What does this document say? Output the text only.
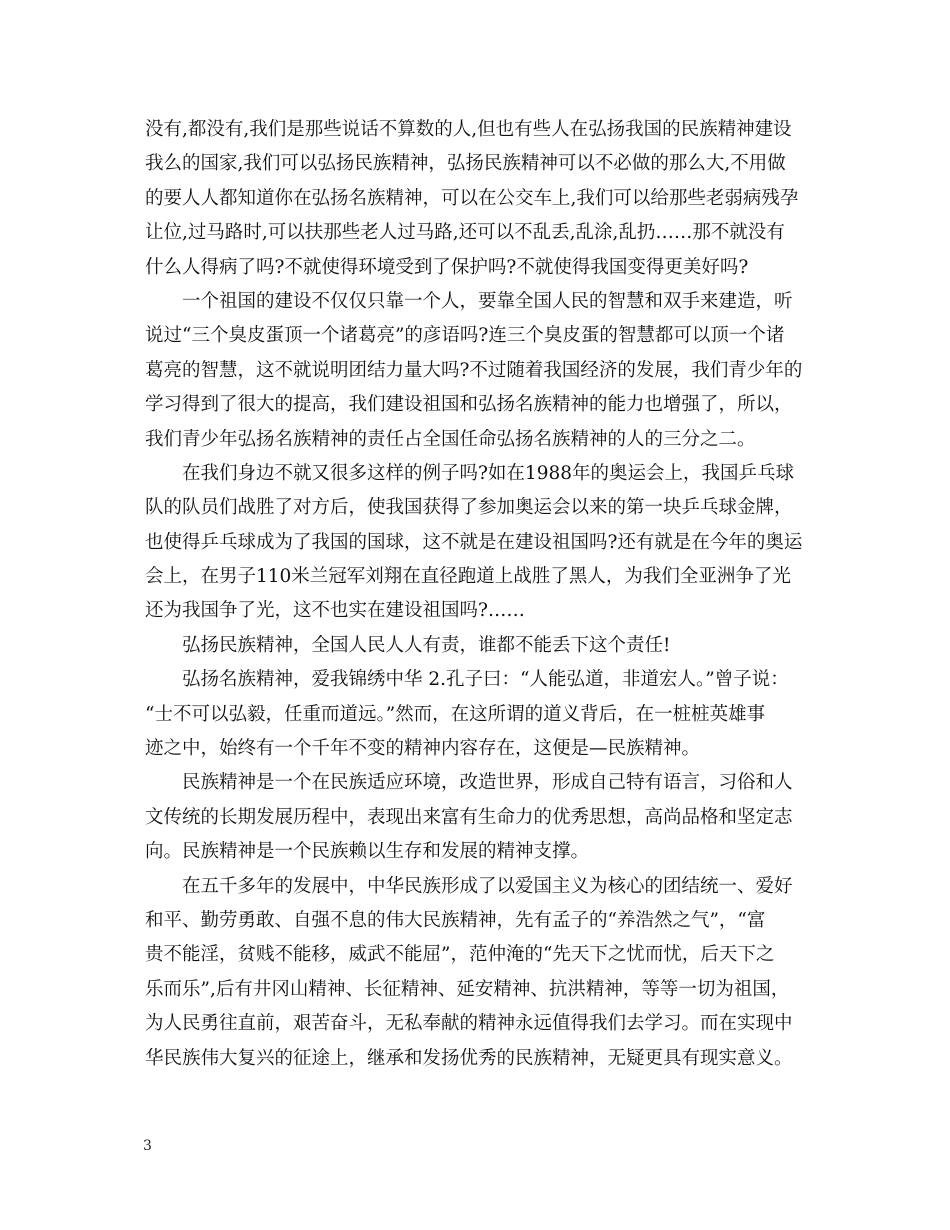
没有,都没有,我们是那些说话不算数的人,但也有些人在弘扬我国的民族精神建设
我么的国家,我们可以弘扬民族精神，弘扬民族精神可以不必做的那么大,不用做
的要人人都知道你在弘扬名族精神，可以在公交车上,我们可以给那些老弱病残孕
让位,过马路时,可以扶那些老人过马路,还可以不乱丢,乱涂,乱扔……那不就没有
什么人得病了吗?不就使得环境受到了保护吗?不就使得我国变得更美好吗?
一个祖国的建设不仅仅只靠一个人，要靠全国人民的智慧和双手来建造，听
说过“三个臭皮蛋顶一个诸葛亮”的彦语吗?连三个臭皮蛋的智慧都可以顶一个诸
葛亮的智慧，这不就说明团结力量大吗?不过随着我国经济的发展，我们青少年的
学习得到了很大的提高，我们建设祖国和弘扬名族精神的能力也增强了，所以，
我们青少年弘扬名族精神的责任占全国任命弘扬名族精神的人的三分之二。
在我们身边不就又很多这样的例子吗?如在1988年的奥运会上，我国乒乓球
队的队员们战胜了对方后，使我国获得了参加奥运会以来的第一块乒乓球金牌，
也使得乒乓球成为了我国的国球，这不就是在建设祖国吗?还有就是在今年的奥运
会上，在男子110米兰冠军刘翔在直径跑道上战胜了黑人，为我们全亚洲争了光
还为我国争了光，这不也实在建设祖国吗?……
弘扬民族精神，全国人民人人有责，谁都不能丢下这个责任!
弘扬名族精神，爱我锦绣中华 2.孔子曰：“人能弘道，非道宏人。”曾子说：
“士不可以弘毅，任重而道远。”然而，在这所谓的道义背后，在一桩桩英雄事
迹之中，始终有一个千年不变的精神内容存在，这便是—民族精神。
民族精神是一个在民族适应环境，改造世界，形成自己特有语言，习俗和人
文传统的长期发展历程中，表现出来富有生命力的优秀思想，高尚品格和坚定志
向。民族精神是一个民族赖以生存和发展的精神支撑。
在五千多年的发展中，中华民族形成了以爱国主义为核心的团结统一、爱好
和平、勤劳勇敢、自强不息的伟大民族精神，先有孟子的“养浩然之气”，“富
贵不能淫，贫贱不能移，威武不能屈”，范仲淹的“先天下之忧而忧，后天下之
乐而乐”,后有井冈山精神、长征精神、延安精神、抗洪精神，等等一切为祖国，
为人民勇往直前，艰苦奋斗，无私奉献的精神永远值得我们去学习。而在实现中
华民族伟大复兴的征途上，继承和发扬优秀的民族精神，无疑更具有现实意义。
3
